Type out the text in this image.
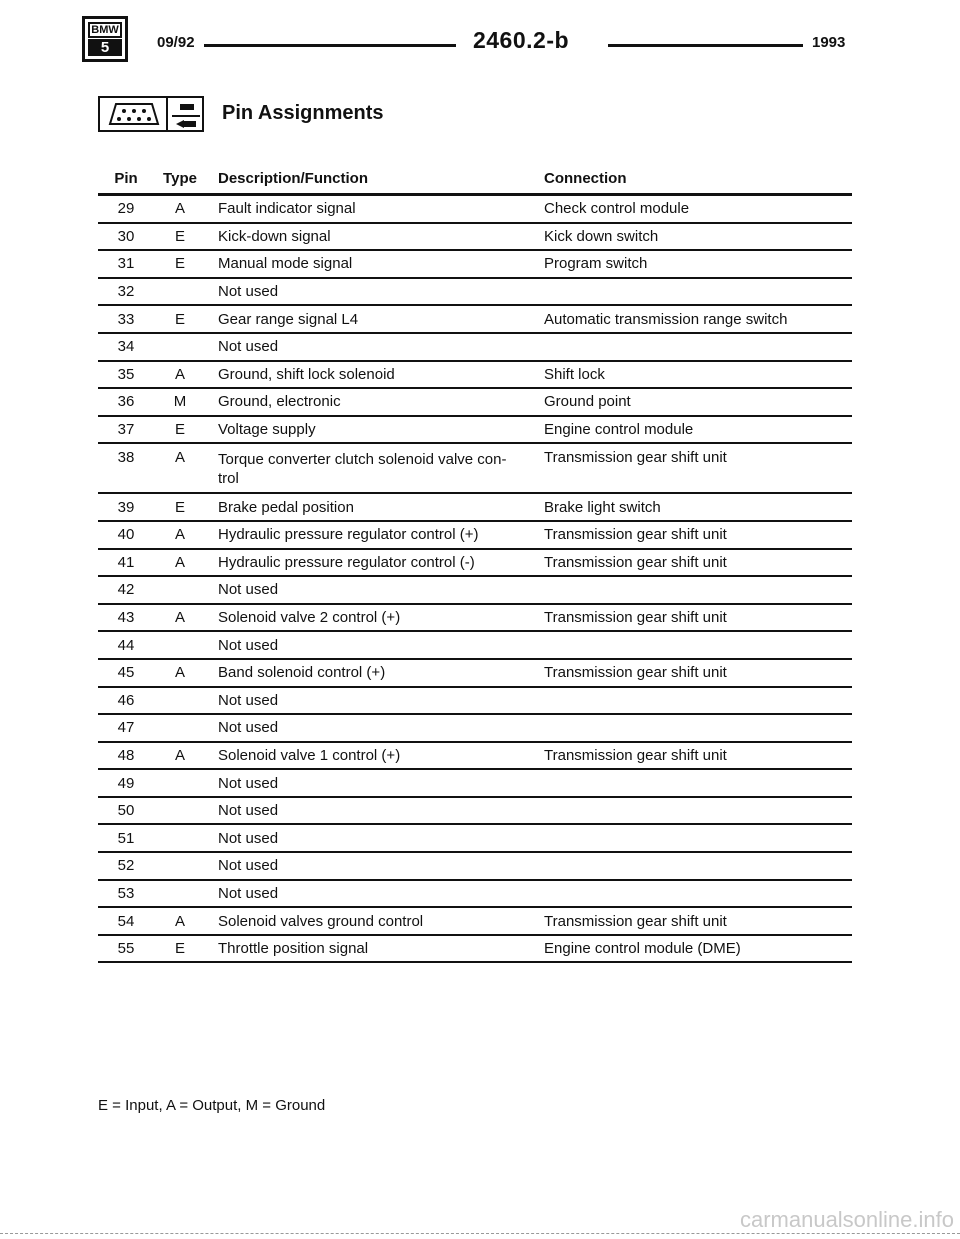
BMW
5	09/92	2460.2-b	1993
Pin Assignments
Pin	Type	Description/Function	Connection
29	A	Fault indicator signal	Check control module
30	E	Kick-down signal	Kick down switch
31	E	Manual mode signal	Program switch
32		Not used	
33	E	Gear range signal L4	Automatic transmission range switch
34		Not used	
35	A	Ground, shift lock solenoid	Shift lock
36	M	Ground, electronic	Ground point
37	E	Voltage supply	Engine control module
38	A	Torque converter clutch solenoid valve con-
trol	Transmission gear shift unit
39	E	Brake pedal position	Brake light switch
40	A	Hydraulic pressure regulator control (+)	Transmission gear shift unit
41	A	Hydraulic pressure regulator control (-)	Transmission gear shift unit
42		Not used	
43	A	Solenoid valve 2 control (+)	Transmission gear shift unit
44		Not used	
45	A	Band solenoid control (+)	Transmission gear shift unit
46		Not used	
47		Not used	
48	A	Solenoid valve 1 control (+)	Transmission gear shift unit
49		Not used	
50		Not used	
51		Not used	
52		Not used	
53		Not used	
54	A	Solenoid valves ground control	Transmission gear shift unit
55	E	Throttle position signal	Engine control module (DME)
E = Input, A = Output, M = Ground
carmanualsonline.info
